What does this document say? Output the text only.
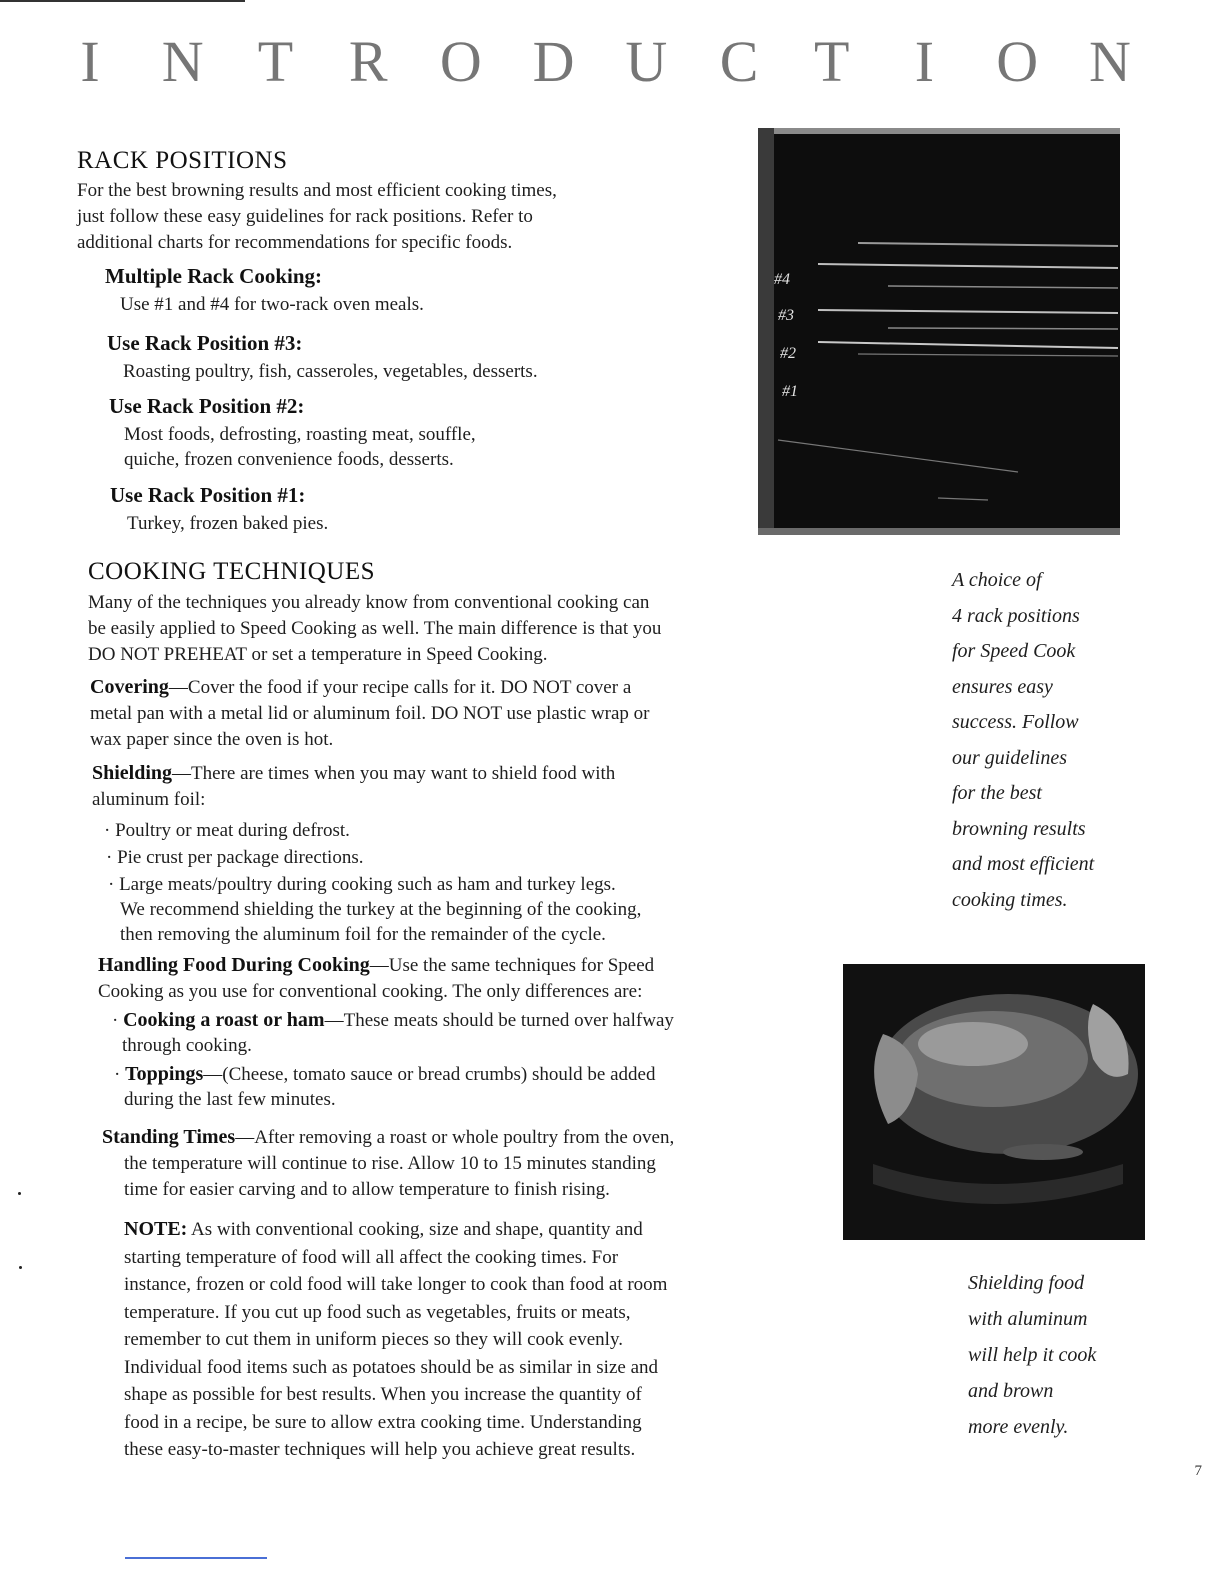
I	N T R O D U C T	I	O N
RACK POSITIONS
For the best browning results and most efficient cooking times,
just follow these easy guidelines for rack positions. Refer to
additional charts for recommendations for specific foods.
Multiple Rack Cooking:
Use #1 and #4 for two-rack oven meals.
Use Rack Position #3:
Roasting poultry, fish, casseroles, vegetables, desserts.
Use Rack Position #2:
Most foods, defrosting, roasting meat, souffle,
quiche, frozen convenience foods, desserts.
Use Rack Position #1:
Turkey, frozen baked pies.
#4
#3
#2
#1
A choice of
4 rack positions
for Speed Cook
ensures easy
success. Follow
our guidelines
for the best
browning results
and most efficient
cooking times.
COOKING TECHNIQUES
Many of the techniques you already know from conventional cooking can
be easily applied to Speed Cooking as well. The main difference is that you
DO NOT PREHEAT or set a temperature in Speed Cooking.
Covering—Cover the food if your recipe calls for it. DO NOT cover a
metal pan with a metal lid or aluminum foil. DO NOT use plastic wrap or
wax paper since the oven is hot.
Shielding—There are times when you may want to shield food with
aluminum foil:
· Poultry or meat during defrost.
· Pie crust per package directions.
· Large meats/poultry during cooking such as ham and turkey legs.
We recommend shielding the turkey at the beginning of the cooking,
then removing the aluminum foil for the remainder of the cycle.
Handling Food During Cooking—Use the same techniques for Speed
Cooking as you use for conventional cooking. The only differences are:
· Cooking a roast or ham—These meats should be turned over halfway
through cooking.
· Toppings—(Cheese, tomato sauce or bread crumbs) should be added
during the last few minutes.
Standing Times—After removing a roast or whole poultry from the oven,
the temperature will continue to rise. Allow 10 to 15 minutes standing
time for easier carving and to allow temperature to finish rising.
NOTE: As with conventional cooking, size and shape, quantity and
starting temperature of food will all affect the cooking times. For
instance, frozen or cold food will take longer to cook than food at room
temperature. If you cut up food such as vegetables, fruits or meats,
remember to cut them in uniform pieces so they will cook evenly.
Individual food items such as potatoes should be as similar in size and
shape as possible for best results. When you increase the quantity of
food in a recipe, be sure to allow extra cooking time. Understanding
these easy-to-master techniques will help you achieve great results.
Shielding food
with aluminum
will help it cook
and brown
more evenly.
7
